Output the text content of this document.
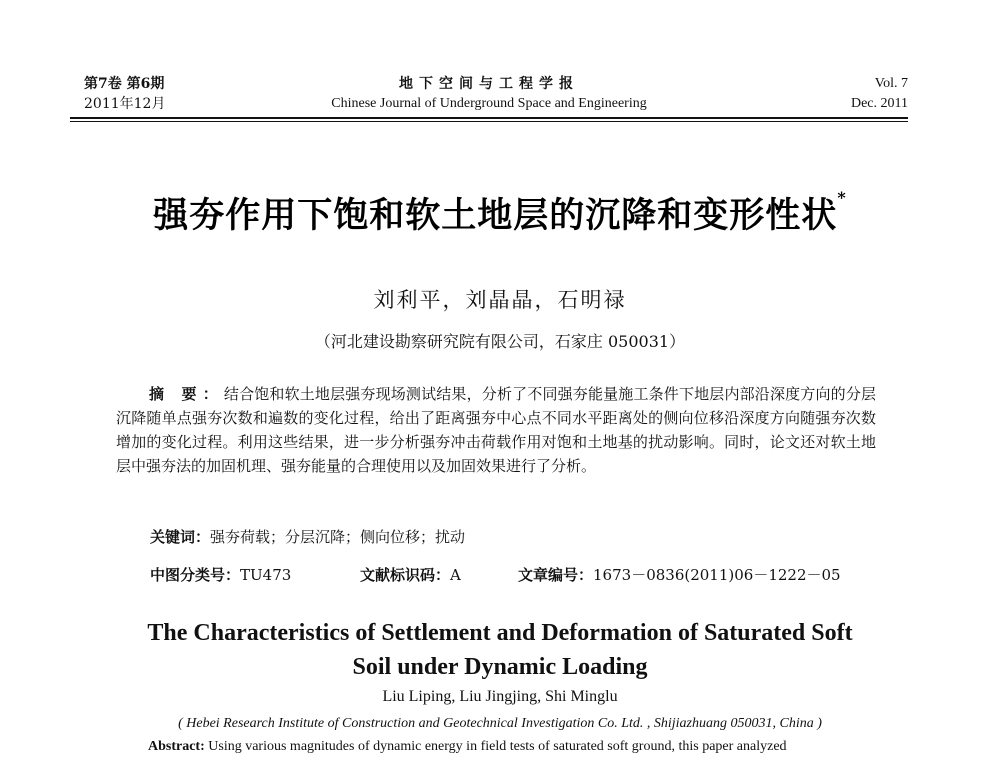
第7卷 第6期
2011年12月
地下空间与工程学报
Chinese Journal of Underground Space and Engineering
Vol. 7
Dec. 2011
强夯作用下饱和软土地层的沉降和变形性状*
刘利平，刘晶晶，石明禄
（河北建设勘察研究院有限公司，石家庄 050031）
摘 要：结合饱和软土地层强夯现场测试结果，分析了不同强夯能量施工条件下地层内部沿深度方向的分层沉降随单点强夯次数和遍数的变化过程，给出了距离强夯中心点不同水平距离处的侧向位移沿深度方向随强夯次数增加的变化过程。利用这些结果，进一步分析强夯冲击荷载作用对饱和土地基的扰动影响。同时，论文还对软土地层中强夯法的加固机理、强夯能量的合理使用以及加固效果进行了分析。
关键词：强夯荷载；分层沉降；侧向位移；扰动
中图分类号：TU473	文献标识码：A	文章编号：1673－0836(2011)06－1222－05
The Characteristics of Settlement and Deformation of Saturated Soft
Soil under Dynamic Loading
Liu Liping, Liu Jingjing, Shi Minglu
( Hebei Research Institute of Construction and Geotechnical Investigation Co. Ltd. , Shijiazhuang 050031, China )
Abstract: Using various magnitudes of dynamic energy in field tests of saturated soft ground, this paper analyzed
